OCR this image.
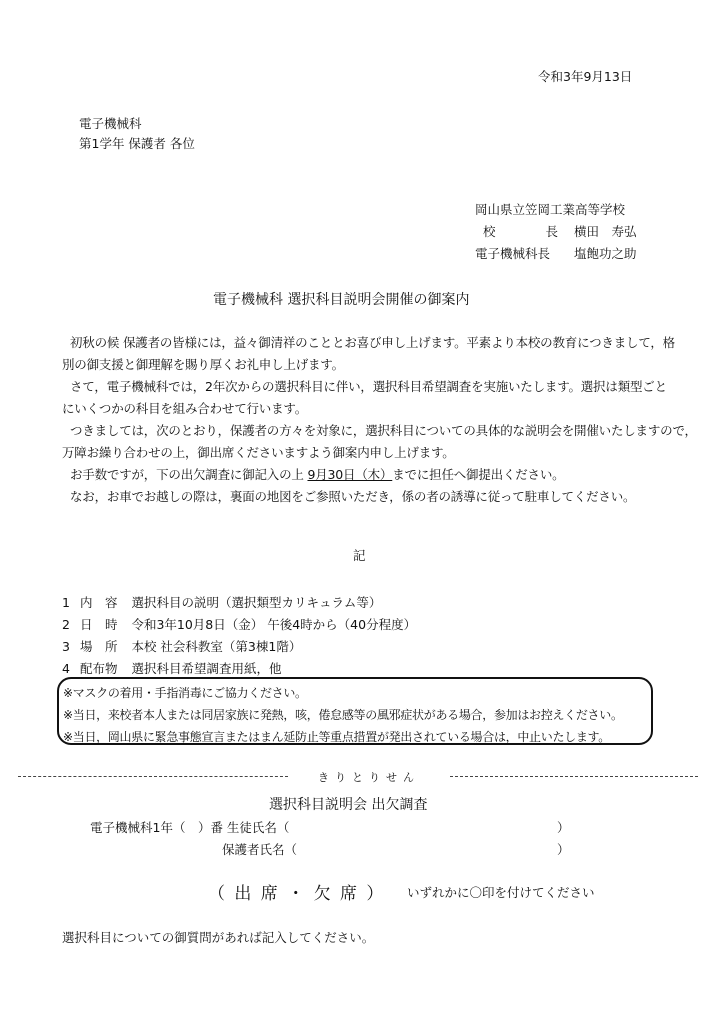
令和3年9月13日
電子機械科
第1学年 保護者 各位
岡山県立笠岡工業高等学校
校　　　　長 横田　寿弘
電子機械科長 塩飽功之助
電子機械科 選択科目説明会開催の御案内
初秋の候 保護者の皆様には，益々御清祥のこととお喜び申し上げます。平素より本校の教育につきまして，格
別の御支援と御理解を賜り厚くお礼申し上げます。
さて，電子機械科では，2年次からの選択科目に伴い，選択科目希望調査を実施いたします。選択は類型ごと
にいくつかの科目を組み合わせて行います。
つきましては，次のとおり，保護者の方々を対象に，選択科目についての具体的な説明会を開催いたしますので，
万障お繰り合わせの上，御出席くださいますよう御案内申し上げます。
お手数ですが，下の出欠調査に御記入の上 9月30日（木）までに担任へ御提出ください。
なお，お車でお越しの際は，裏面の地図をご参照いただき，係の者の誘導に従って駐車してください。
記
1 内　容 選択科目の説明（選択類型カリキュラム等）
2 日　時 令和3年10月8日（金） 午後4時から（40分程度）
3 場　所 本校 社会科教室（第3棟1階）
4 配布物 選択科目希望調査用紙，他
※マスクの着用・手指消毒にご協力ください。
※当日，来校者本人または同居家族に発熱，咳，倦怠感等の風邪症状がある場合，参加はお控えください。
※当日，岡山県に緊急事態宣言またはまん延防止等重点措置が発出されている場合は，中止いたします。
きりとりせん
選択科目説明会 出欠調査
電子機械科1年（　）番 生徒氏名（	）
保護者氏名（	）
（ 出 席 ・ 欠 席 ） いずれかに〇印を付けてください
選択科目についての御質問があれば記入してください。
